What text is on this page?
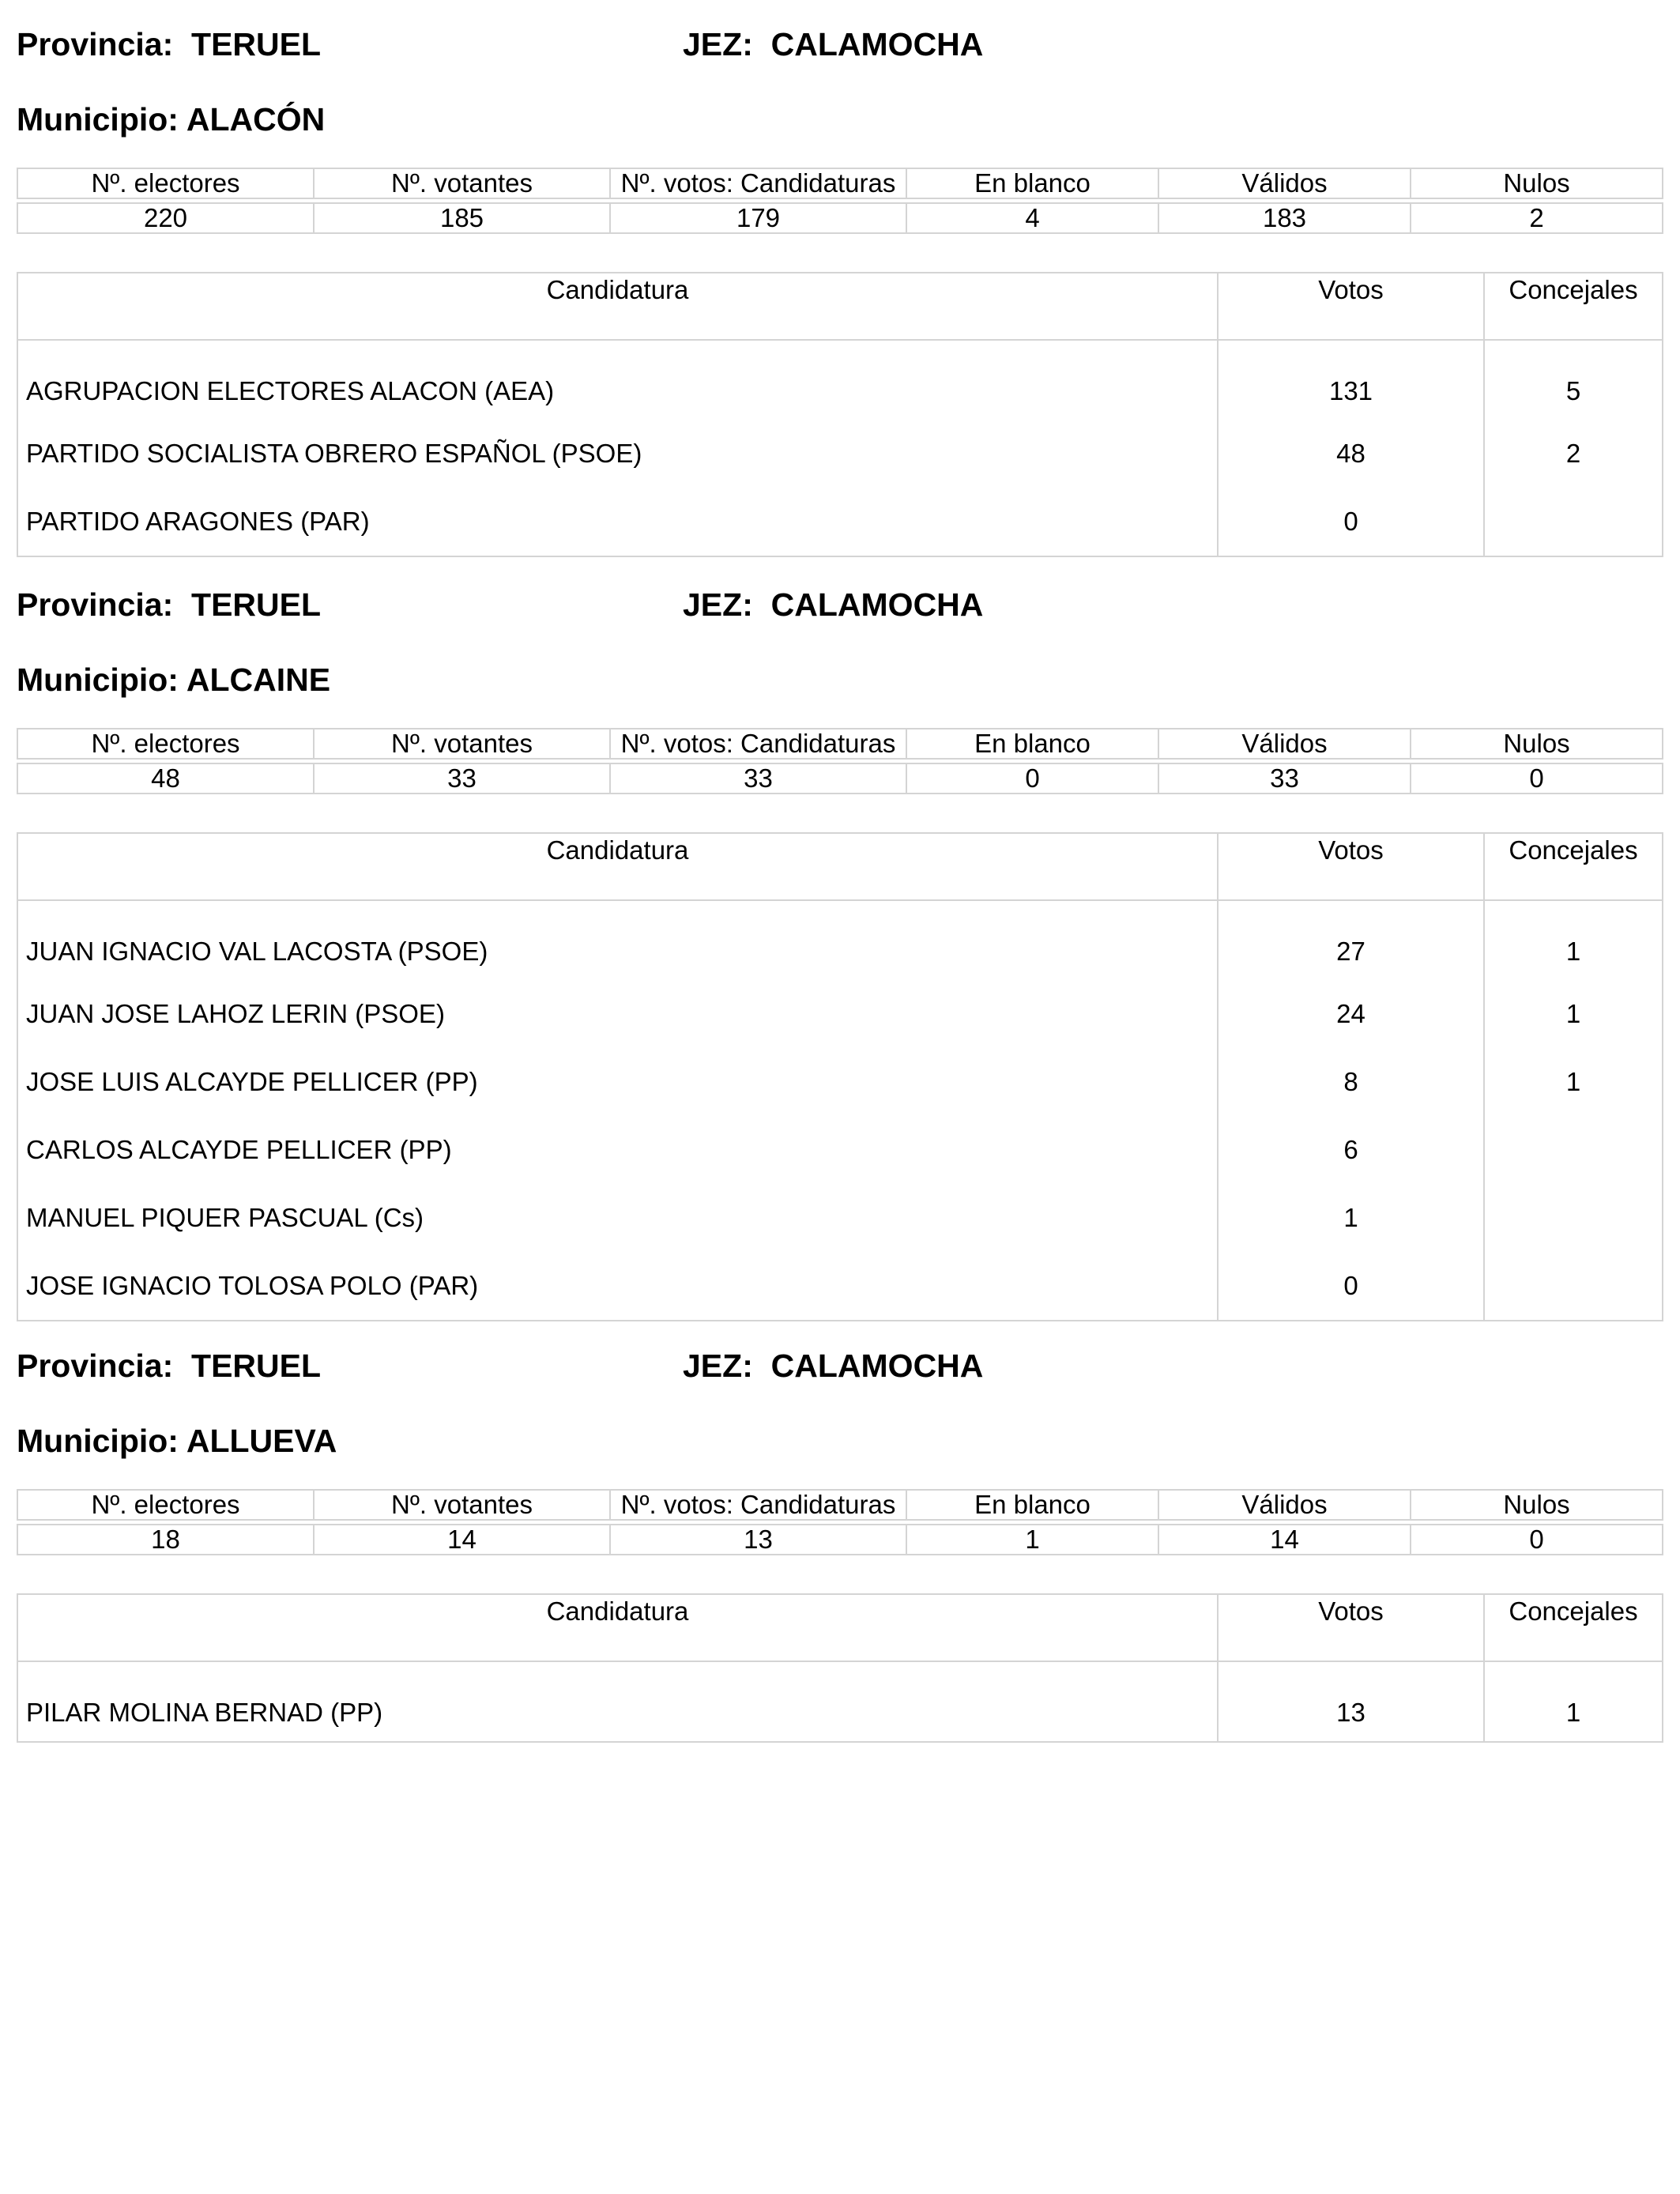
Provincia: TERUEL	JEZ: CALAMOCHA
Municipio: ALACÓN
Nº. electores	Nº. votantes	Nº. votos: Candidaturas	En blanco	Válidos	Nulos

220	185	179	4	183	2
Candidatura	Votos	Concejales
AGRUPACION ELECTORES ALACON (AEA)	131	5
PARTIDO SOCIALISTA OBRERO ESPAÑOL (PSOE)	48	2
PARTIDO ARAGONES (PAR)	0	
Provincia: TERUEL	JEZ: CALAMOCHA
Municipio: ALCAINE
Nº. electores	Nº. votantes	Nº. votos: Candidaturas	En blanco	Válidos	Nulos

48	33	33	0	33	0
Candidatura	Votos	Concejales
JUAN IGNACIO VAL LACOSTA (PSOE)	27	1
JUAN JOSE LAHOZ LERIN (PSOE)	24	1
JOSE LUIS ALCAYDE PELLICER (PP)	8	1
CARLOS ALCAYDE PELLICER (PP)	6	
MANUEL PIQUER PASCUAL (Cs)	1	
JOSE IGNACIO TOLOSA POLO (PAR)	0	
Provincia: TERUEL	JEZ: CALAMOCHA
Municipio: ALLUEVA
Nº. electores	Nº. votantes	Nº. votos: Candidaturas	En blanco	Válidos	Nulos

18	14	13	1	14	0
Candidatura	Votos	Concejales
PILAR MOLINA BERNAD (PP)	13	1
